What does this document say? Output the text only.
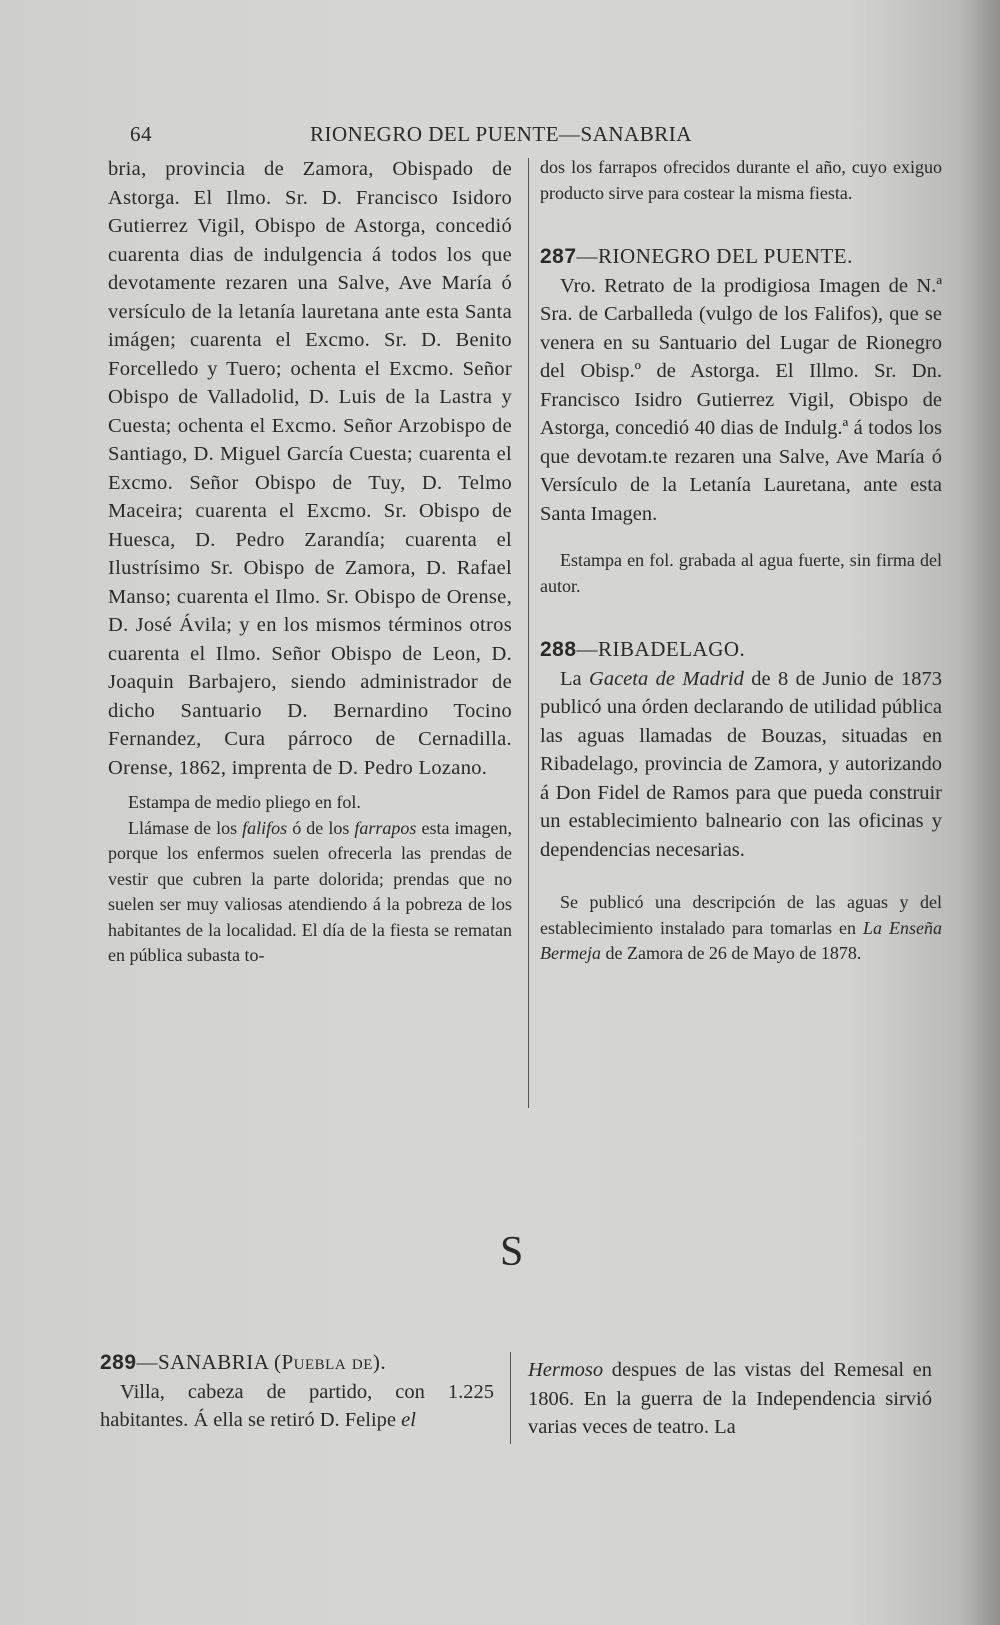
64	RIONEGRO DEL PUENTE—SANABRIA

bria, provincia de Zamora, Obispado de Astorga. El Ilmo. Sr. D. Francisco Isidoro Gutierrez Vigil, Obispo de Astorga, concedió cuarenta dias de indulgencia á todos los que devotamente rezaren una Salve, Ave María ó versículo de la letanía lauretana ante esta Santa imágen; cuarenta el Excmo. Sr. D. Benito Forcelledo y Tuero; ochenta el Excmo. Señor Obispo de Valladolid, D. Luis de la Lastra y Cuesta; ochenta el Excmo. Señor Arzobispo de Santiago, D. Miguel García Cuesta; cuarenta el Excmo. Señor Obispo de Tuy, D. Telmo Maceira; cuarenta el Excmo. Sr. Obispo de Huesca, D. Pedro Zarandía; cuarenta el Ilustrísimo Sr. Obispo de Zamora, D. Rafael Manso; cuarenta el Ilmo. Sr. Obispo de Orense, D. José Ávila; y en los mismos términos otros cuarenta el Ilmo. Señor Obispo de Leon, D. Joaquin Barbajero, siendo administrador de dicho Santuario D. Bernardino Tocino Fernandez, Cura párroco de Cernadilla. Orense, 1862, imprenta de D. Pedro Lozano.

Estampa de medio pliego en fol.

Llámase de los falifos ó de los farrapos esta imagen, porque los enfermos suelen ofrecerla las prendas de vestir que cubren la parte dolorida; prendas que no suelen ser muy valiosas atendiendo á la pobreza de los habitantes de la localidad. El día de la fiesta se rematan en pública subasta to-

dos los farrapos ofrecidos durante el año, cuyo exiguo producto sirve para costear la misma fiesta.

287—RIONEGRO DEL PUENTE.

Vro. Retrato de la prodigiosa Imagen de N.ª Sra. de Carballeda (vulgo de los Falifos), que se venera en su Santuario del Lugar de Rionegro del Obisp.º de Astorga. El Illmo. Sr. Dn. Francisco Isidro Gutierrez Vigil, Obispo de Astorga, concedió 40 dias de Indulg.ª á todos los que devotam.te rezaren una Salve, Ave María ó Versículo de la Letanía Lauretana, ante esta Santa Imagen.

Estampa en fol. grabada al agua fuerte, sin firma del autor.

288—RIBADELAGO.

La Gaceta de Madrid de 8 de Junio de 1873 publicó una órden declarando de utilidad pública las aguas llamadas de Bouzas, situadas en Ribadelago, provincia de Zamora, y autorizando á Don Fidel de Ramos para que pueda construir un establecimiento balneario con las oficinas y dependencias necesarias.

Se publicó una descripción de las aguas y del establecimiento instalado para tomarlas en La Enseña Bermeja de Zamora de 26 de Mayo de 1878.

S
289—SANABRIA (Puebla de).

Villa, cabeza de partido, con 1.225 habitantes. Á ella se retiró D. Felipe el

Hermoso despues de las vistas del Remesal en 1806. En la guerra de la Independencia sirvió varias veces de teatro. La
